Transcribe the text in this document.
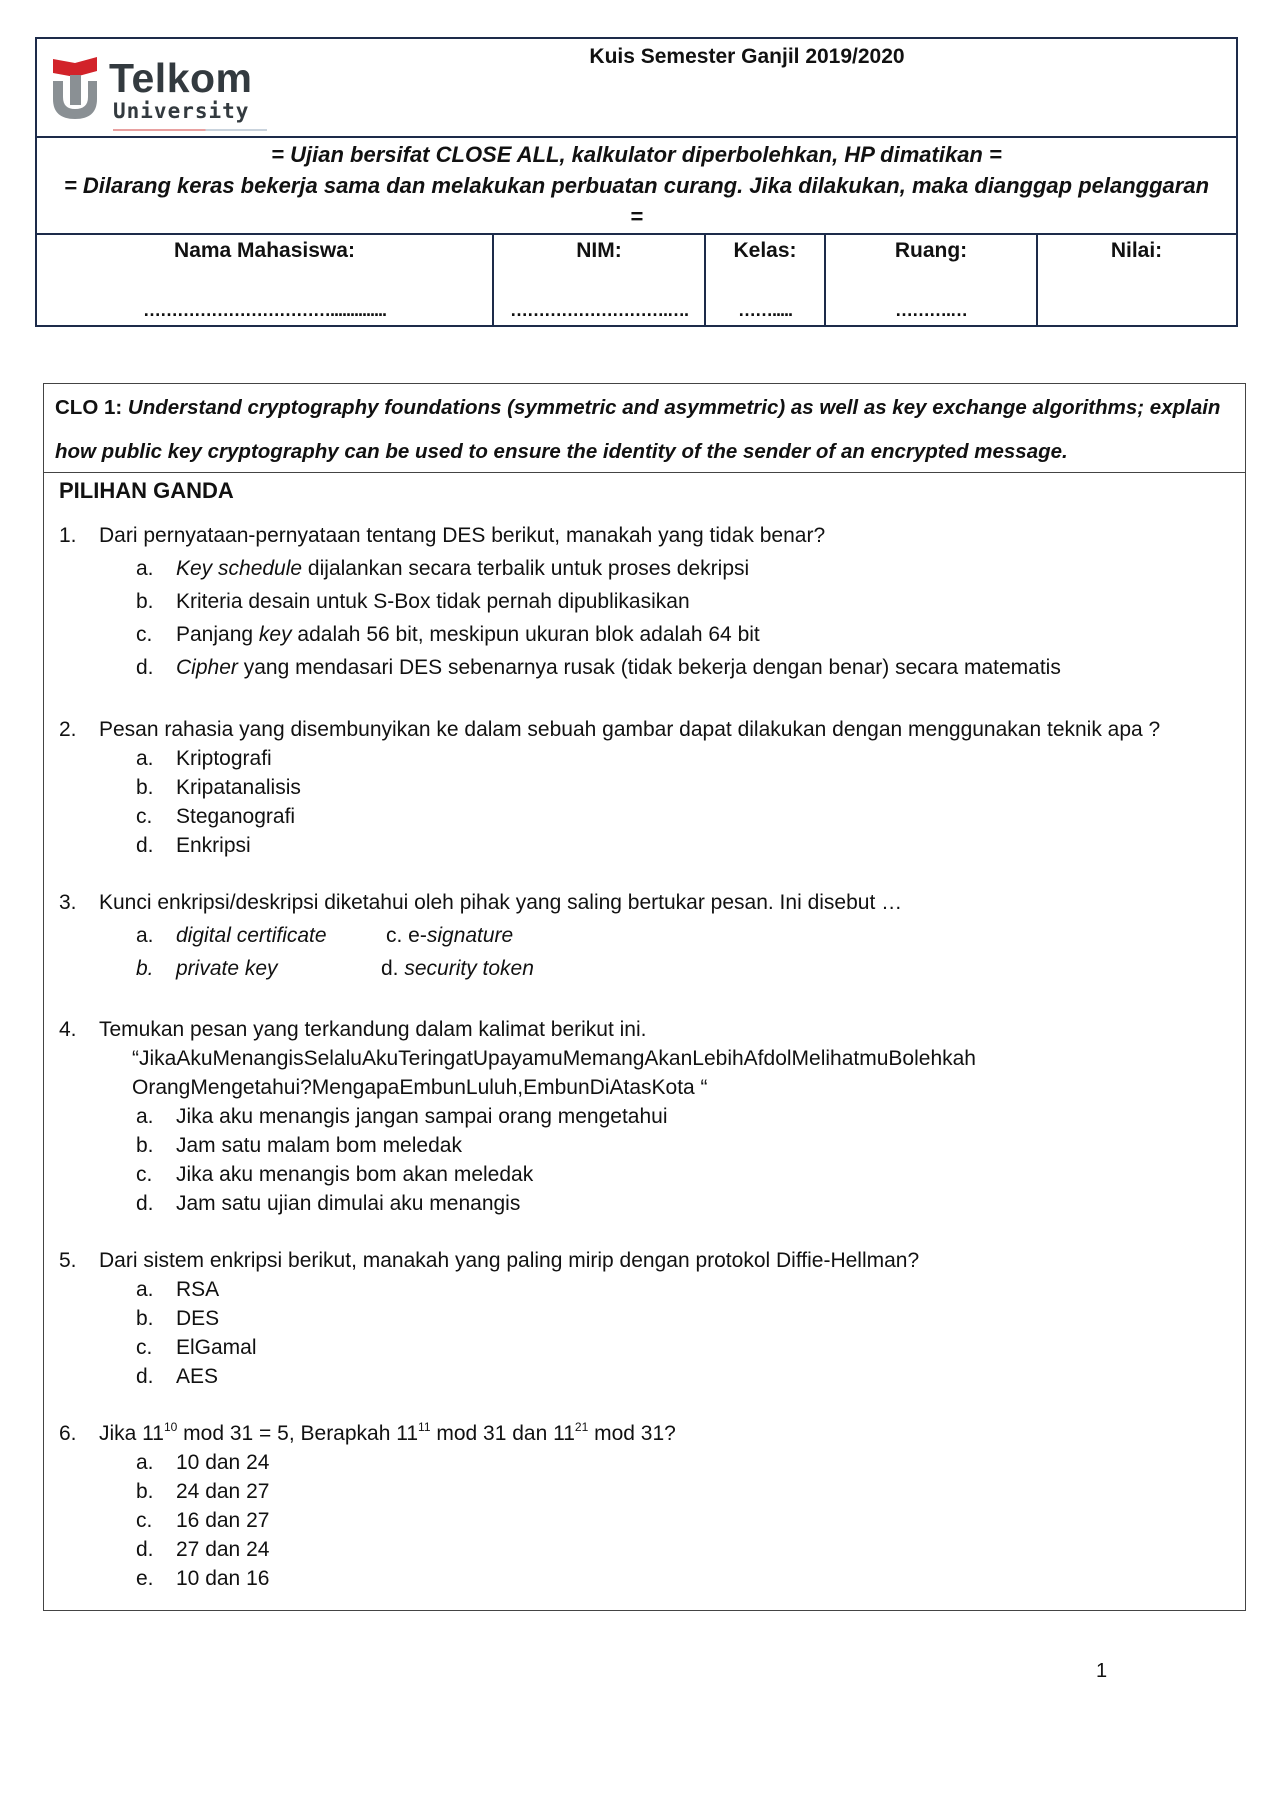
Telkom
University
Kuis Semester Ganjil 2019/2020
= Ujian bersifat CLOSE ALL, kalkulator diperbolehkan, HP dimatikan =
= Dilarang keras bekerja sama dan melakukan perbuatan curang. Jika dilakukan, maka dianggap pelanggaran
=
Nama Mahasiswa:
……………………………..............
NIM:
……………………….….
Kelas:
…….....
Ruang:
……….…
Nilai:
CLO 1: Understand cryptography foundations (symmetric and asymmetric) as well as key exchange algorithms; explain
how public key cryptography can be used to ensure the identity of the sender of an encrypted message.
PILIHAN GANDA
1. Dari pernyataan-pernyataan tentang DES berikut, manakah yang tidak benar?
a. Key schedule dijalankan secara terbalik untuk proses dekripsi
b. Kriteria desain untuk S-Box tidak pernah dipublikasikan
c. Panjang key adalah 56 bit, meskipun ukuran blok adalah 64 bit
d. Cipher yang mendasari DES sebenarnya rusak (tidak bekerja dengan benar) secara matematis
2. Pesan rahasia yang disembunyikan ke dalam sebuah gambar dapat dilakukan dengan menggunakan teknik apa ?
a. Kriptografi
b. Kripatanalisis
c. Steganografi
d. Enkripsi
3. Kunci enkripsi/deskripsi diketahui oleh pihak yang saling bertukar pesan. Ini disebut …
a. digital certificate	c. e-signature
b. private key	d. security token
4. Temukan pesan yang terkandung dalam kalimat berikut ini.
“JikaAkuMenangisSelaluAkuTeringatUpayamuMemangAkanLebihAfdolMelihatmuBolehkah
OrangMengetahui?MengapaEmbunLuluh,EmbunDiAtasKota “
a. Jika aku menangis jangan sampai orang mengetahui
b. Jam satu malam bom meledak
c. Jika aku menangis bom akan meledak
d. Jam satu ujian dimulai aku menangis
5. Dari sistem enkripsi berikut, manakah yang paling mirip dengan protokol Diffie-Hellman?
a. RSA
b. DES
c. ElGamal
d. AES
6. Jika $11^{10}$ mod 31 = 5, Berapkah $11^{11}$ mod 31 dan $11^{21}$ mod 31?
a. 10 dan 24
b. 24 dan 27
c. 16 dan 27
d. 27 dan 24
e. 10 dan 16
1
